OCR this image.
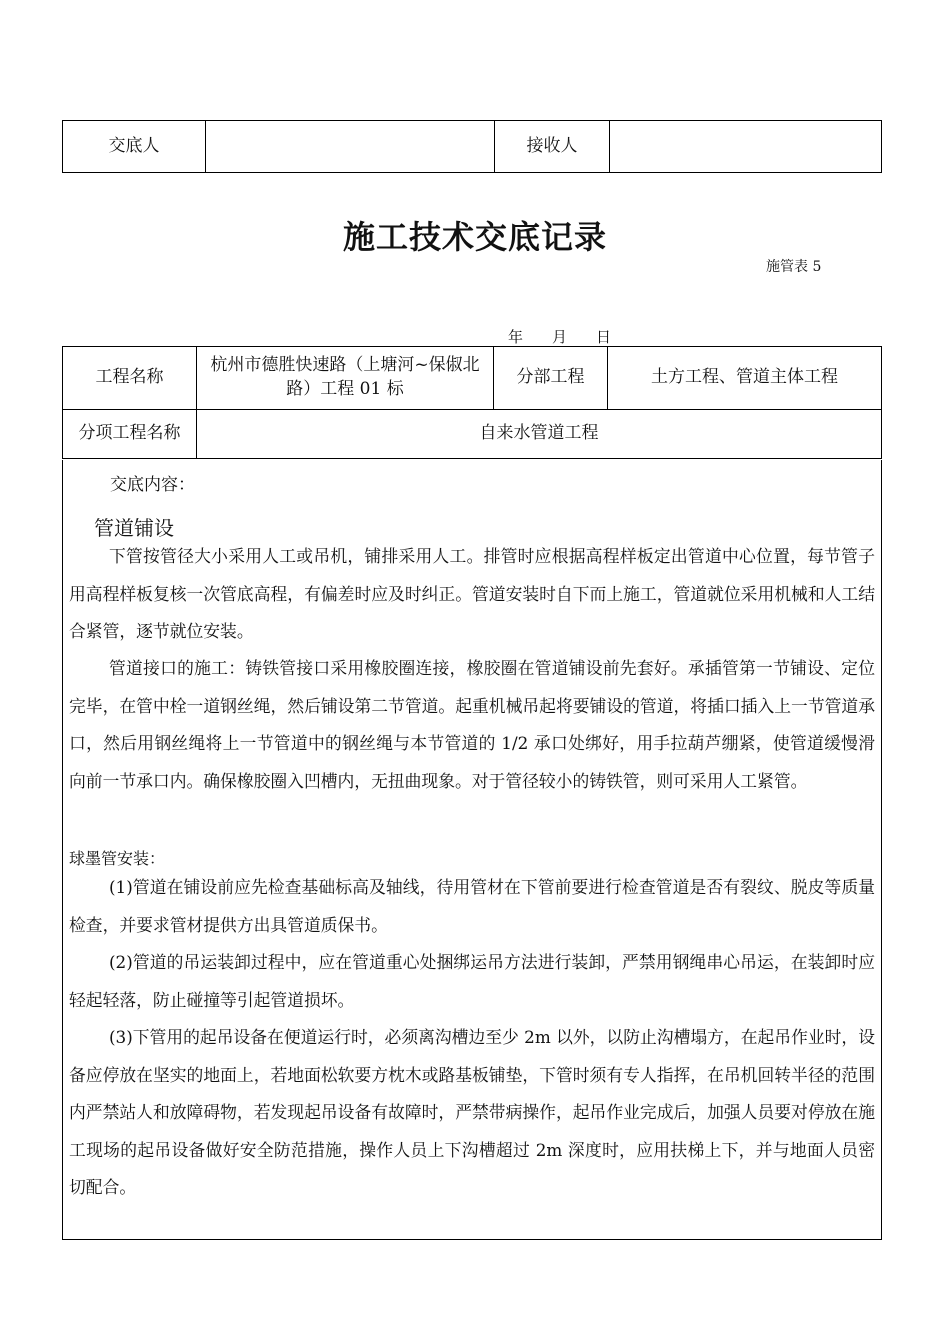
交底人		接收人	
施工技术交底记录
施管表 5
年 月 日
工程名称	杭州市德胜快速路（上塘河~保俶北路）工程 01 标	分部工程	土方工程、管道主体工程
分项工程名称	自来水管道工程		
交底内容：
管道铺设

下管按管径大小采用人工或吊机，铺排采用人工。排管时应根据高程样板定出管道中心位置，每节管子用高程样板复核一次管底高程，有偏差时应及时纠正。管道安装时自下而上施工，管道就位采用机械和人工结合紧管，逐节就位安装。

管道接口的施工：铸铁管接口采用橡胶圈连接，橡胶圈在管道铺设前先套好。承插管第一节铺设、定位完毕，在管中栓一道钢丝绳，然后铺设第二节管道。起重机械吊起将要铺设的管道，将插口插入上一节管道承口，然后用钢丝绳将上一节管道中的钢丝绳与本节管道的 1/2 承口处绑好，用手拉葫芦绷紧，使管道缓慢滑向前一节承口内。确保橡胶圈入凹槽内，无扭曲现象。对于管径较小的铸铁管，则可采用人工紧管。

球墨管安装：

(1)管道在铺设前应先检查基础标高及轴线，待用管材在下管前要进行检查管道是否有裂纹、脱皮等质量检查，并要求管材提供方出具管道质保书。

(2)管道的吊运装卸过程中，应在管道重心处捆绑运吊方法进行装卸，严禁用钢绳串心吊运，在装卸时应轻起轻落，防止碰撞等引起管道损坏。

(3)下管用的起吊设备在便道运行时，必须离沟槽边至少 2m 以外，以防止沟槽塌方，在起吊作业时，设备应停放在坚实的地面上，若地面松软要方枕木或路基板铺垫，下管时须有专人指挥，在吊机回转半径的范围内严禁站人和放障碍物，若发现起吊设备有故障时，严禁带病操作，起吊作业完成后，加强人员要对停放在施工现场的起吊设备做好安全防范措施，操作人员上下沟槽超过 2m 深度时，应用扶梯上下，并与地面人员密切配合。
